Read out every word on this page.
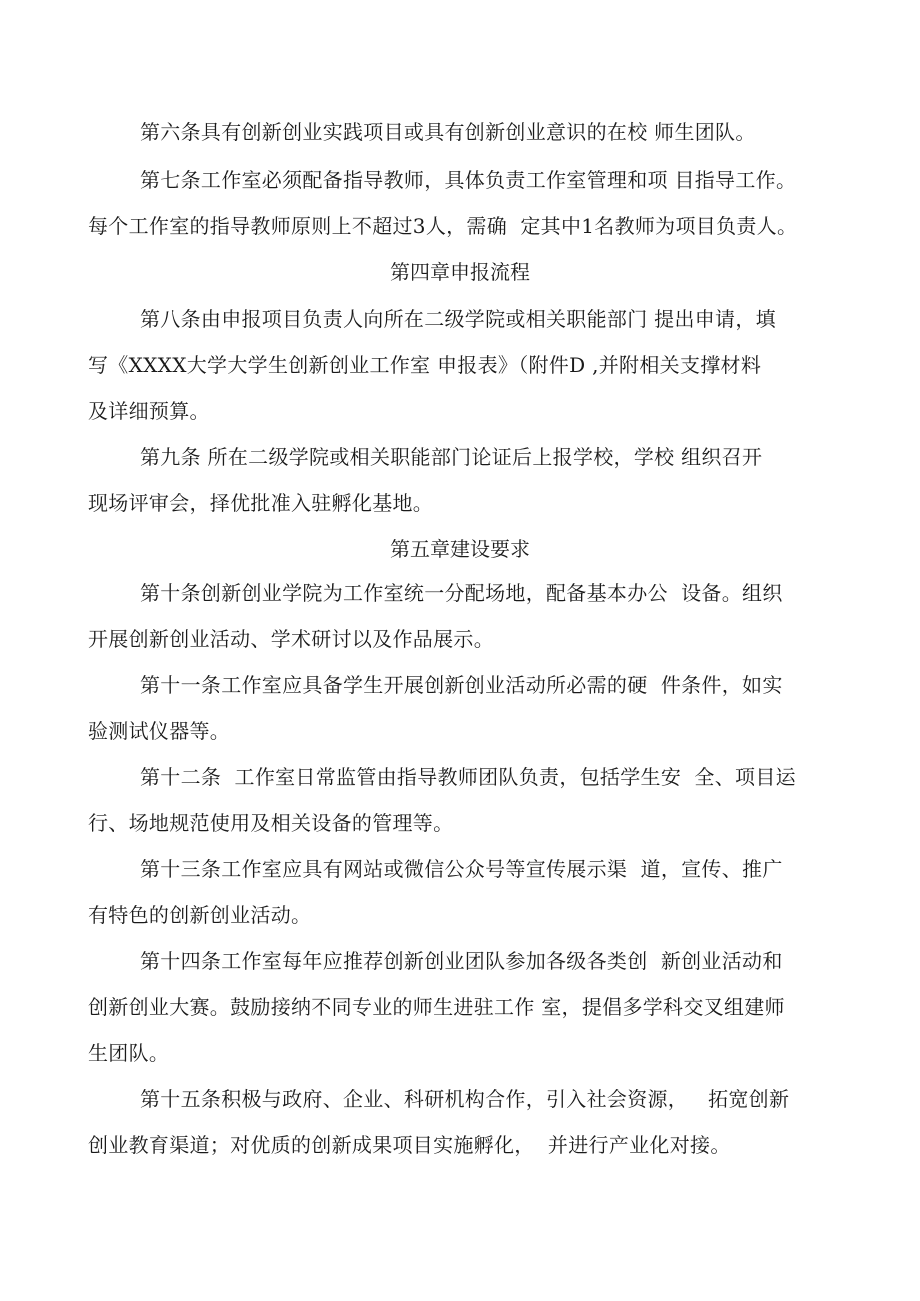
第六条具有创新创业实践项目或具有创新创业意识的在校 师生团队。
第七条工作室必须配备指导教师，具体负责工作室管理和项 目指导工作。
每个工作室的指导教师原则上不超过3人，需确  定其中1名教师为项目负责人。
第四章申报流程
第八条由申报项目负责人向所在二级学院或相关职能部门 提出申请，填
写《XXXX大学大学生创新创业工作室 申报表》（附件D ,并附相关支撑材料
及详细预算。
第九条 所在二级学院或相关职能部门论证后上报学校，学校 组织召开
现场评审会，择优批准入驻孵化基地。
第五章建设要求
第十条创新创业学院为工作室统一分配场地，配备基本办公  设备。组织
开展创新创业活动、学术研讨以及作品展示。
第十一条工作室应具备学生开展创新创业活动所必需的硬  件条件，如实
验测试仪器等。
第十二条  工作室日常监管由指导教师团队负责，包括学生安  全、项目运
行、场地规范使用及相关设备的管理等。
第十三条工作室应具有网站或微信公众号等宣传展示渠  道，宣传、推广
有特色的创新创业活动。
第十四条工作室每年应推荐创新创业团队参加各级各类创  新创业活动和
创新创业大赛。鼓励接纳不同专业的师生进驻工作 室，提倡多学科交叉组建师
生团队。
第十五条积极与政府、企业、科研机构合作，引入社会资源，   拓宽创新
创业教育渠道；对优质的创新成果项目实施孵化，  并进行产业化对接。
